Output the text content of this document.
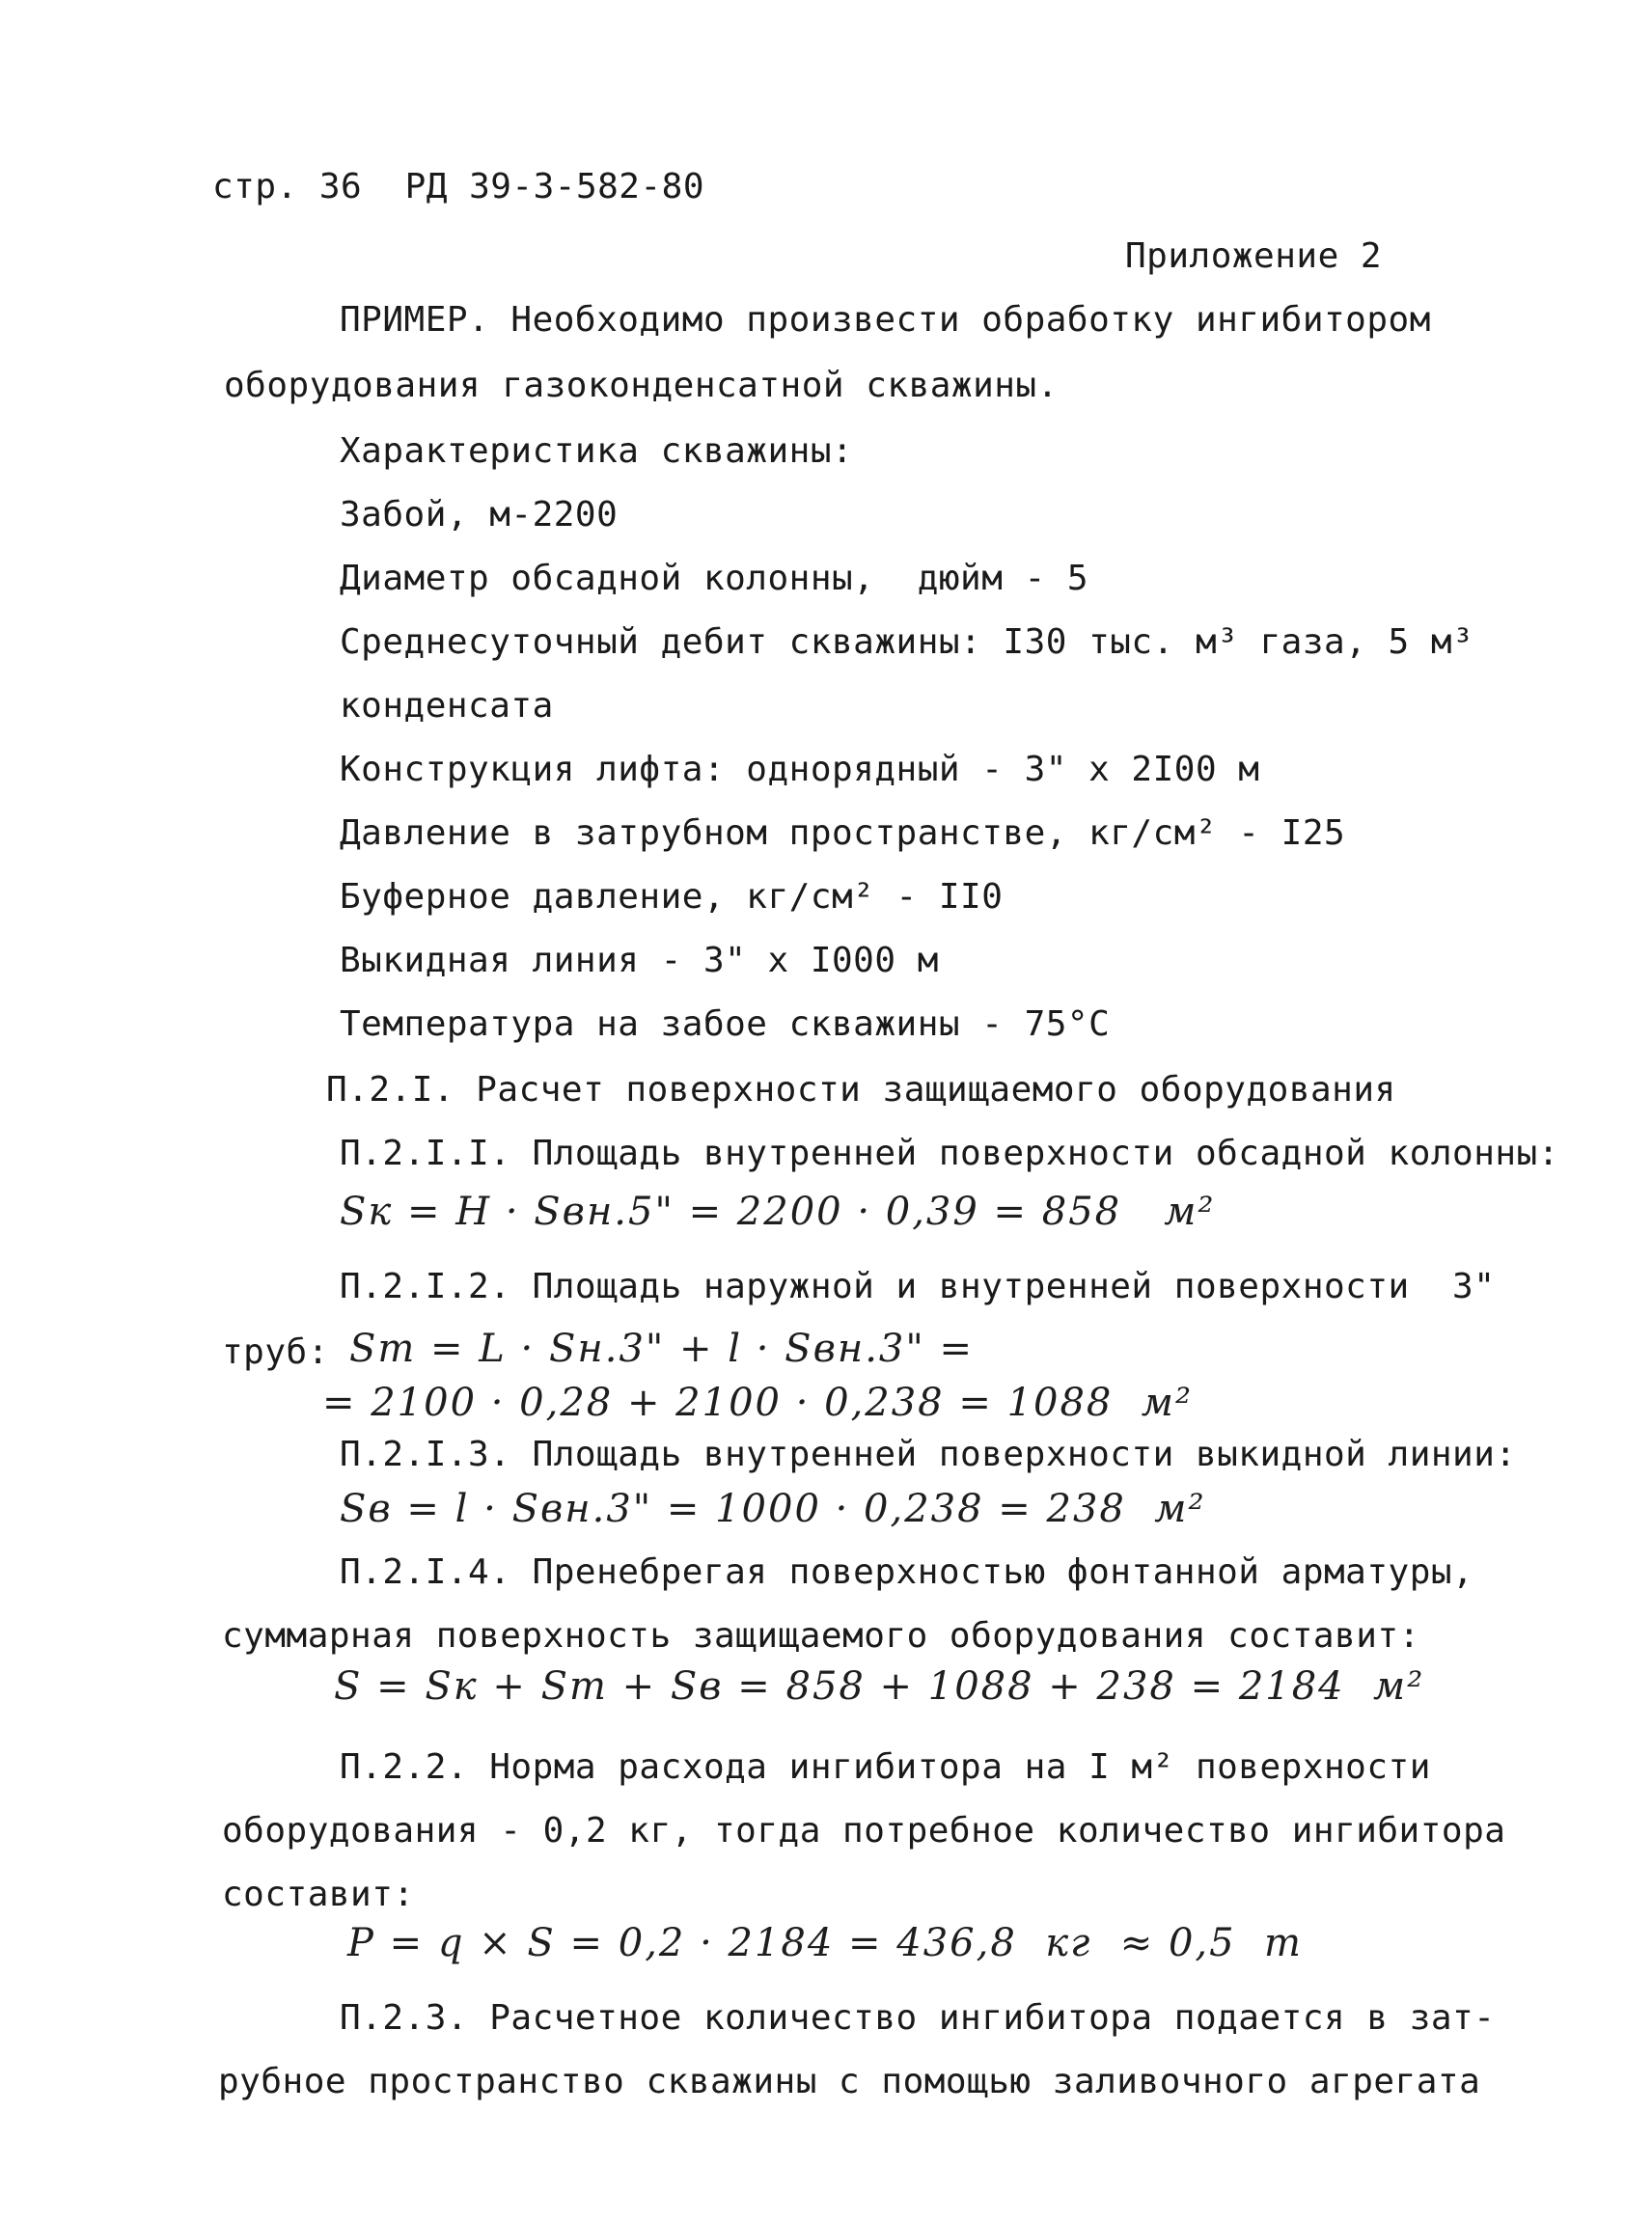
стр. 36  РД 39-3-582-80
Приложение 2
ПРИМЕР. Необходимо произвести обработку ингибитором
оборудования газоконденсатной скважины.
Характеристика скважины:
Забой, м-2200
Диаметр обсадной колонны,  дюйм - 5
Среднесуточный дебит скважины: I30 тыс. м³ газа, 5 м³
конденсата
Конструкция лифта: однорядный - 3" x 2I00 м
Давление в затрубном пространстве, кг/см² - I25
Буферное давление, кг/см² - II0
Выкидная линия - 3" x I000 м
Температура на забое скважины - 75°C
П.2.I. Расчет поверхности защищаемого оборудования
П.2.I.I. Площадь внутренней поверхности обсадной колонны:
Sк = H · Sвн.5" = 2200 · 0,39 = 858   м²
П.2.I.2. Площадь наружной и внутренней поверхности  3"
труб: Sт = L · Sн.3" + l · Sвн.3" =
= 2100 · 0,28 + 2100 · 0,238 = 1088  м²
П.2.I.3. Площадь внутренней поверхности выкидной линии:
Sв = l · Sвн.3" = 1000 · 0,238 = 238  м²
П.2.I.4. Пренебрегая поверхностью фонтанной арматуры,
суммарная поверхность защищаемого оборудования составит:
S = Sк + Sт + Sв = 858 + 1088 + 238 = 2184  м²
П.2.2. Норма расхода ингибитора на I м² поверхности
оборудования - 0,2 кг, тогда потребное количество ингибитора
составит:
P = q × S = 0,2 · 2184 = 436,8  кг  ≈ 0,5  т
П.2.3. Расчетное количество ингибитора подается в зат-
рубное пространство скважины с помощью заливочного агрегата
